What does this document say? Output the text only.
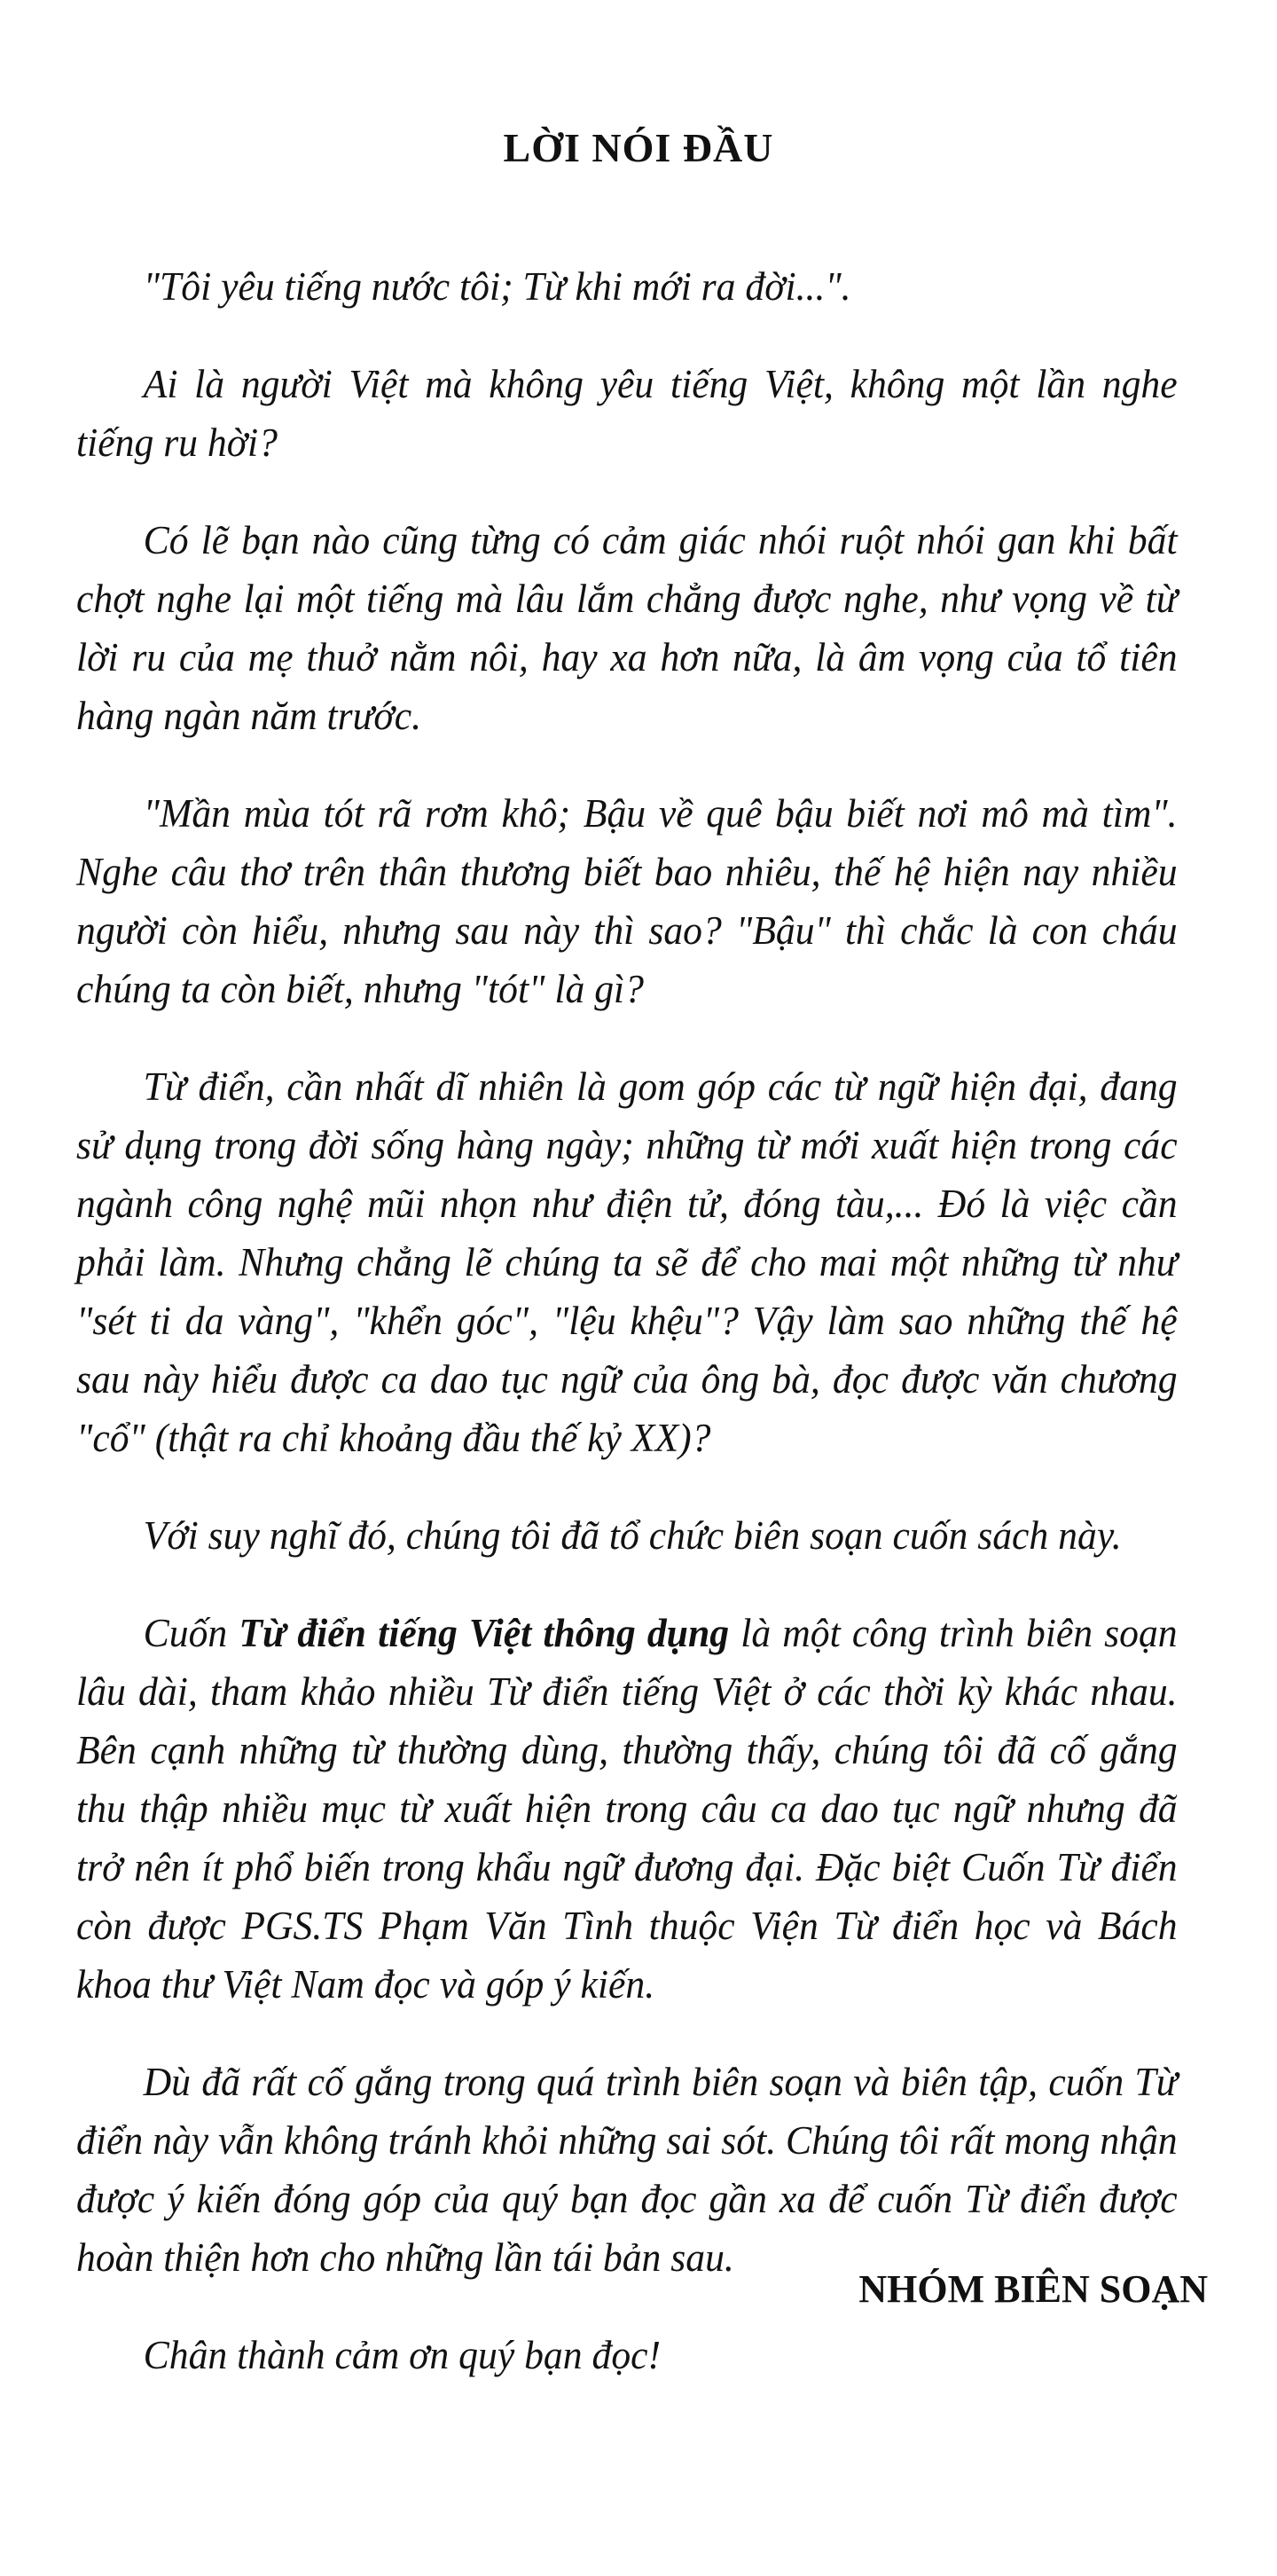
LỜI NÓI ĐẦU

"Tôi yêu tiếng nước tôi; Từ khi mới ra đời...".

Ai là người Việt mà không yêu tiếng Việt, không một lần nghe tiếng ru hời?

Có lẽ bạn nào cũng từng có cảm giác nhói ruột nhói gan khi bất chợt nghe lại một tiếng mà lâu lắm chẳng được nghe, như vọng về từ lời ru của mẹ thuở nằm nôi, hay xa hơn nữa, là âm vọng của tổ tiên hàng ngàn năm trước.

"Mần mùa tót rã rơm khô; Bậu về quê bậu biết nơi mô mà tìm". Nghe câu thơ trên thân thương biết bao nhiêu, thế hệ hiện nay nhiều người còn hiểu, nhưng sau này thì sao? "Bậu" thì chắc là con cháu chúng ta còn biết, nhưng "tót" là gì?

Từ điển, cần nhất dĩ nhiên là gom góp các từ ngữ hiện đại, đang sử dụng trong đời sống hàng ngày; những từ mới xuất hiện trong các ngành công nghệ mũi nhọn như điện tử, đóng tàu,... Đó là việc cần phải làm. Nhưng chẳng lẽ chúng ta sẽ để cho mai một những từ như "sét ti da vàng", "khển góc", "lệu khệu"? Vậy làm sao những thế hệ sau này hiểu được ca dao tục ngữ của ông bà, đọc được văn chương "cổ" (thật ra chỉ khoảng đầu thế kỷ XX)?

Với suy nghĩ đó, chúng tôi đã tổ chức biên soạn cuốn sách này.

Cuốn Từ điển tiếng Việt thông dụng là một công trình biên soạn lâu dài, tham khảo nhiều Từ điển tiếng Việt ở các thời kỳ khác nhau. Bên cạnh những từ thường dùng, thường thấy, chúng tôi đã cố gắng thu thập nhiều mục từ xuất hiện trong câu ca dao tục ngữ nhưng đã trở nên ít phổ biến trong khẩu ngữ đương đại. Đặc biệt Cuốn Từ điển còn được PGS.TS Phạm Văn Tình thuộc Viện Từ điển học và Bách khoa thư Việt Nam đọc và góp ý kiến.

Dù đã rất cố gắng trong quá trình biên soạn và biên tập, cuốn Từ điển này vẫn không tránh khỏi những sai sót. Chúng tôi rất mong nhận được ý kiến đóng góp của quý bạn đọc gần xa để cuốn Từ điển được hoàn thiện hơn cho những lần tái bản sau.

Chân thành cảm ơn quý bạn đọc!

NHÓM BIÊN SOẠN
